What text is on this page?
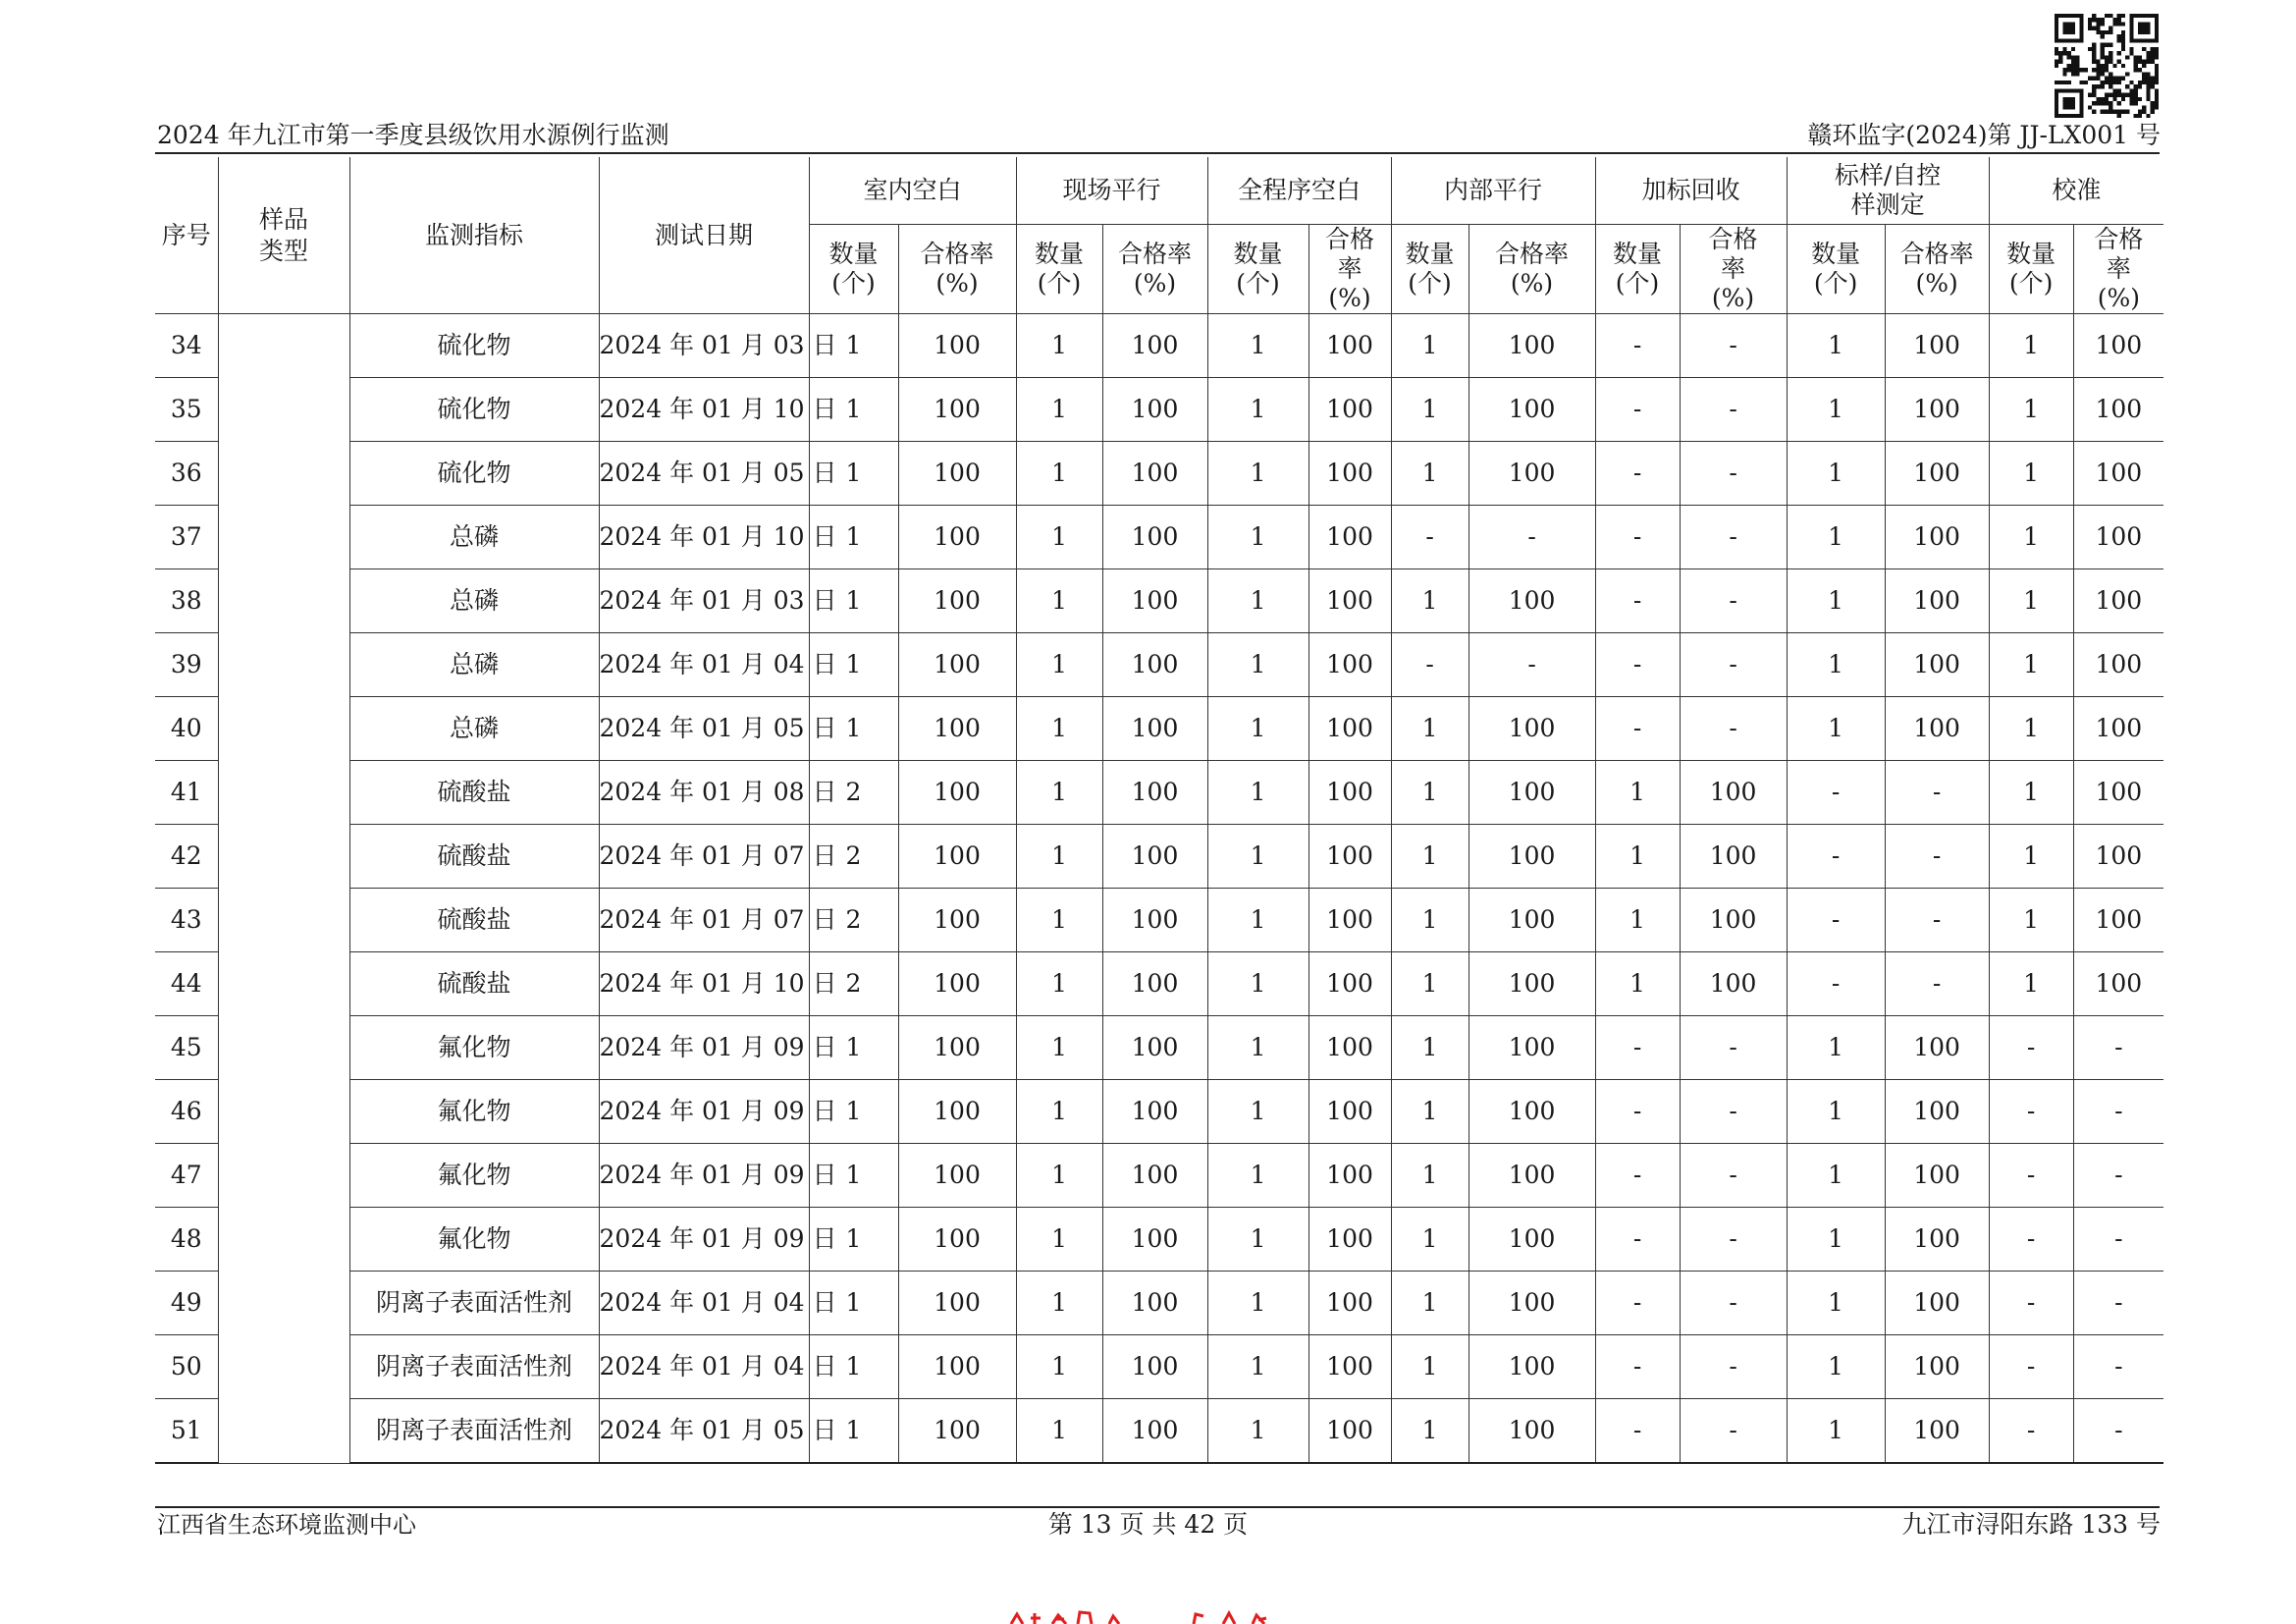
2024 年九江市第一季度县级饮用水源例行监测	赣环监字(2024)第 JJ-LX001 号
序号	样品类型	监测指标	测试日期	室内空白		现场平行		全程序空白		内部平行		加标回收		标样/自控样测定		校准	
				数量(个)	合格率(%)	数量(个)	合格率(%)	数量(个)	合格率(%)	数量(个)	合格率(%)	数量(个)	合格率(%)	数量(个)	合格率(%)	数量(个)	合格率(%)
34		硫化物	2024 年 01 月 03 日	1	100	1	100	1	100	1	100	-	-	1	100	1	100
35		硫化物	2024 年 01 月 10 日	1	100	1	100	1	100	1	100	-	-	1	100	1	100
36		硫化物	2024 年 01 月 05 日	1	100	1	100	1	100	1	100	-	-	1	100	1	100
37		总磷	2024 年 01 月 10 日	1	100	1	100	1	100	-	-	-	-	1	100	1	100
38		总磷	2024 年 01 月 03 日	1	100	1	100	1	100	1	100	-	-	1	100	1	100
39		总磷	2024 年 01 月 04 日	1	100	1	100	1	100	-	-	-	-	1	100	1	100
40		总磷	2024 年 01 月 05 日	1	100	1	100	1	100	1	100	-	-	1	100	1	100
41		硫酸盐	2024 年 01 月 08 日	2	100	1	100	1	100	1	100	1	100	-	-	1	100
42		硫酸盐	2024 年 01 月 07 日	2	100	1	100	1	100	1	100	1	100	-	-	1	100
43		硫酸盐	2024 年 01 月 07 日	2	100	1	100	1	100	1	100	1	100	-	-	1	100
44		硫酸盐	2024 年 01 月 10 日	2	100	1	100	1	100	1	100	1	100	-	-	1	100
45		氟化物	2024 年 01 月 09 日	1	100	1	100	1	100	1	100	-	-	1	100	-	-
46		氟化物	2024 年 01 月 09 日	1	100	1	100	1	100	1	100	-	-	1	100	-	-
47		氟化物	2024 年 01 月 09 日	1	100	1	100	1	100	1	100	-	-	1	100	-	-
48		氟化物	2024 年 01 月 09 日	1	100	1	100	1	100	1	100	-	-	1	100	-	-
49		阴离子表面活性剂	2024 年 01 月 04 日	1	100	1	100	1	100	1	100	-	-	1	100	-	-
50		阴离子表面活性剂	2024 年 01 月 04 日	1	100	1	100	1	100	1	100	-	-	1	100	-	-
51		阴离子表面活性剂	2024 年 01 月 05 日	1	100	1	100	1	100	1	100	-	-	1	100	-	-
江西省生态环境监测中心	第 13 页 共 42 页	九江市浔阳东路 133 号
